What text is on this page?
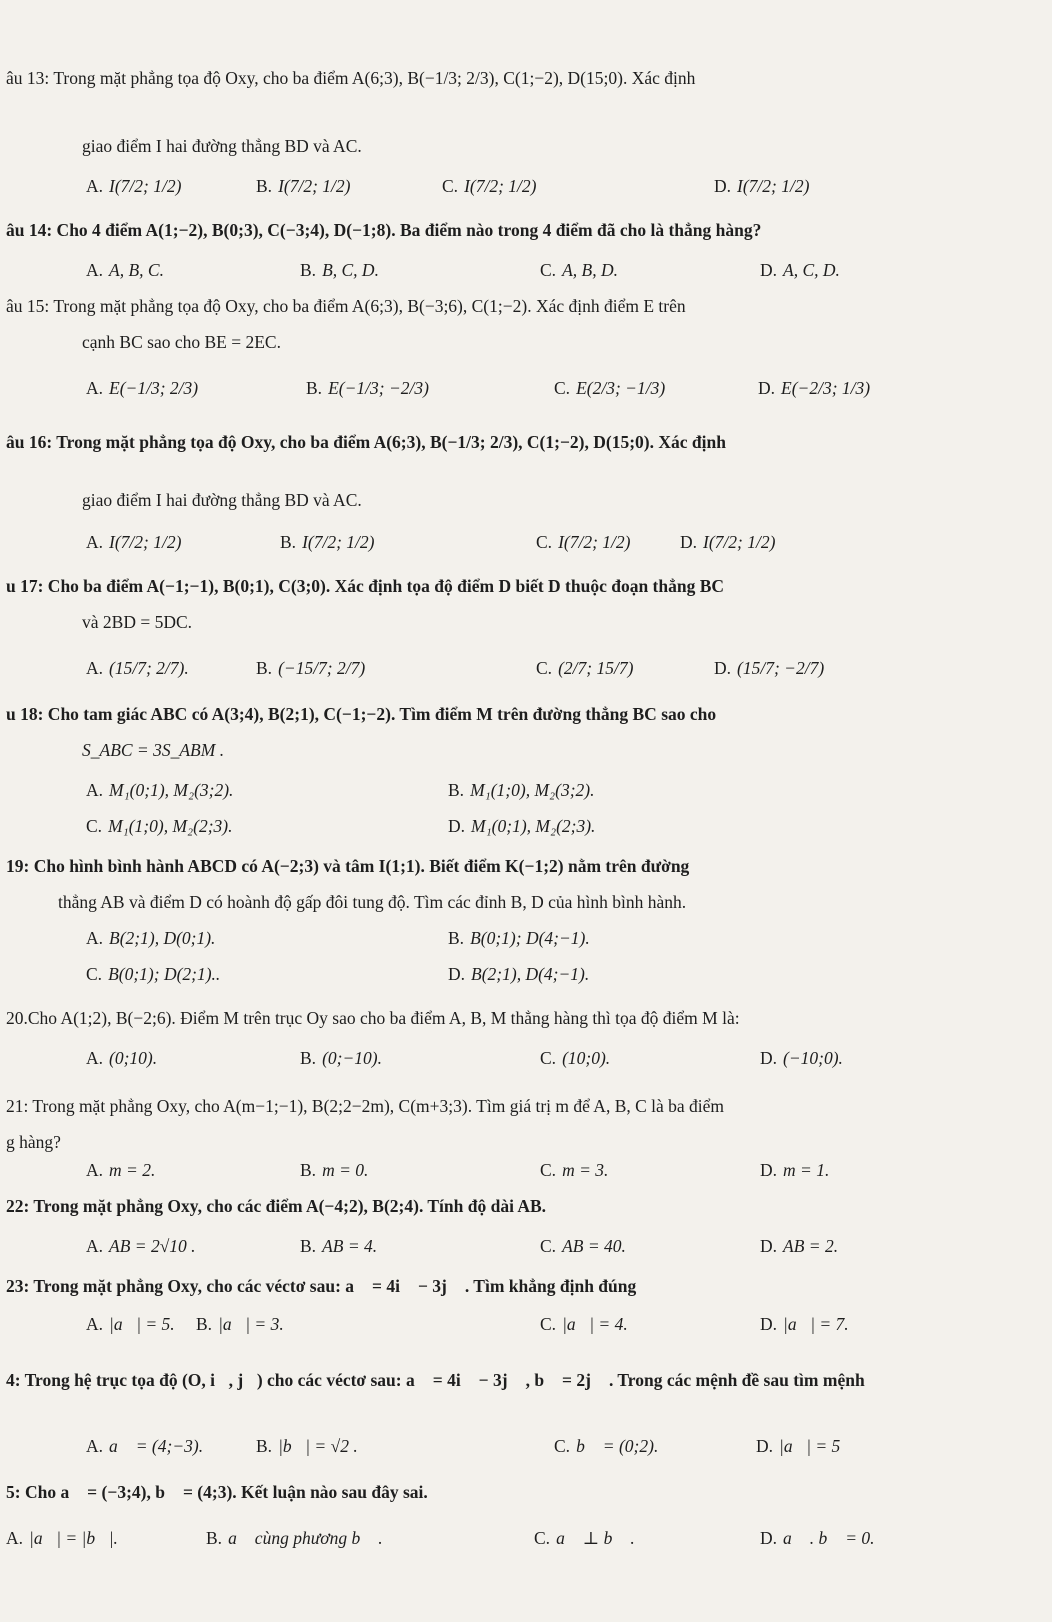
âu 13: Trong mặt phẳng tọa độ Oxy, cho ba điểm A(6;3), B(−1/3; 2/3), C(1;−2), D(15;0). Xác định
giao điểm I hai đường thẳng BD và AC.
A. I(7/2; 1/2)	B. I(7/2; 1/2)	C. I(7/2; 1/2)	D. I(7/2; 1/2)
âu 14: Cho 4 điểm A(1;−2), B(0;3), C(−3;4), D(−1;8). Ba điểm nào trong 4 điểm đã cho là thẳng hàng?
A. A, B, C.	B. B, C, D.	C. A, B, D.	D. A, C, D.
âu 15: Trong mặt phẳng tọa độ Oxy, cho ba điểm A(6;3), B(−3;6), C(1;−2). Xác định điểm E trên
cạnh BC sao cho BE = 2EC.
A. E(−1/3; 2/3)	B. E(−1/3; −2/3)	C. E(2/3; −1/3)	D. E(−2/3; 1/3)
âu 16: Trong mặt phẳng tọa độ Oxy, cho ba điểm A(6;3), B(−1/3; 2/3), C(1;−2), D(15;0). Xác định
giao điểm I hai đường thẳng BD và AC.
A. I(7/2; 1/2)	B. I(7/2; 1/2)	C. I(7/2; 1/2)	D. I(7/2; 1/2)
u 17: Cho ba điểm A(−1;−1), B(0;1), C(3;0). Xác định tọa độ điểm D biết D thuộc đoạn thẳng BC
và 2BD = 5DC.
A. (15/7; 2/7).	B. (−15/7; 2/7)	C. (2/7; 15/7)	D. (15/7; −2/7)
u 18: Cho tam giác ABC có A(3;4), B(2;1), C(−1;−2). Tìm điểm M trên đường thẳng BC sao cho
S_ABC = 3S_ABM .
A. M₁(0;1), M₂(3;2).	B. M₁(1;0), M₂(3;2).
C. M₁(1;0), M₂(2;3).	D. M₁(0;1), M₂(2;3).
19: Cho hình bình hành ABCD có A(−2;3) và tâm I(1;1). Biết điểm K(−1;2) nằm trên đường
thẳng AB và điểm D có hoành độ gấp đôi tung độ. Tìm các đỉnh B, D của hình bình hành.
A. B(2;1), D(0;1).	B. B(0;1); D(4;−1).
C. B(0;1); D(2;1)..	D. B(2;1), D(4;−1).
20.Cho A(1;2), B(−2;6). Điểm M trên trục Oy sao cho ba điểm A, B, M thẳng hàng thì tọa độ điểm M là:
A. (0;10).	B. (0;−10).	C. (10;0).	D. (−10;0).
21: Trong mặt phẳng Oxy, cho A(m−1;−1), B(2;2−2m), C(m+3;3). Tìm giá trị m để A, B, C là ba điểm
g hàng?
A. m = 2.	B. m = 0.	C. m = 3.	D. m = 1.
22: Trong mặt phẳng Oxy, cho các điểm A(−4;2), B(2;4). Tính độ dài AB.
A. AB = 2√10 .	B. AB = 4.	C. AB = 40.	D. AB = 2.
23: Trong mặt phẳng Oxy, cho các véctơ sau: a⃗ = 4i⃗ − 3j⃗ . Tìm khẳng định đúng
A. |a⃗| = 5. B. |a⃗| = 3.	C. |a⃗| = 4.	D. |a⃗| = 7.
4: Trong hệ trục tọa độ (O, i⃗, j⃗) cho các véctơ sau: a⃗ = 4i⃗ − 3j⃗ , b⃗ = 2j⃗ . Trong các mệnh đề sau tìm mệnh
A. a⃗ = (4;−3).	B. |b⃗| = √2 .	C. b⃗ = (0;2).	D. |a⃗| = 5
5: Cho a⃗ = (−3;4), b⃗ = (4;3). Kết luận nào sau đây sai.
A. |a⃗| = |b⃗|.	B. a⃗ cùng phương b⃗ .	C. a⃗ ⊥ b⃗ .	D. a⃗ . b⃗ = 0.
